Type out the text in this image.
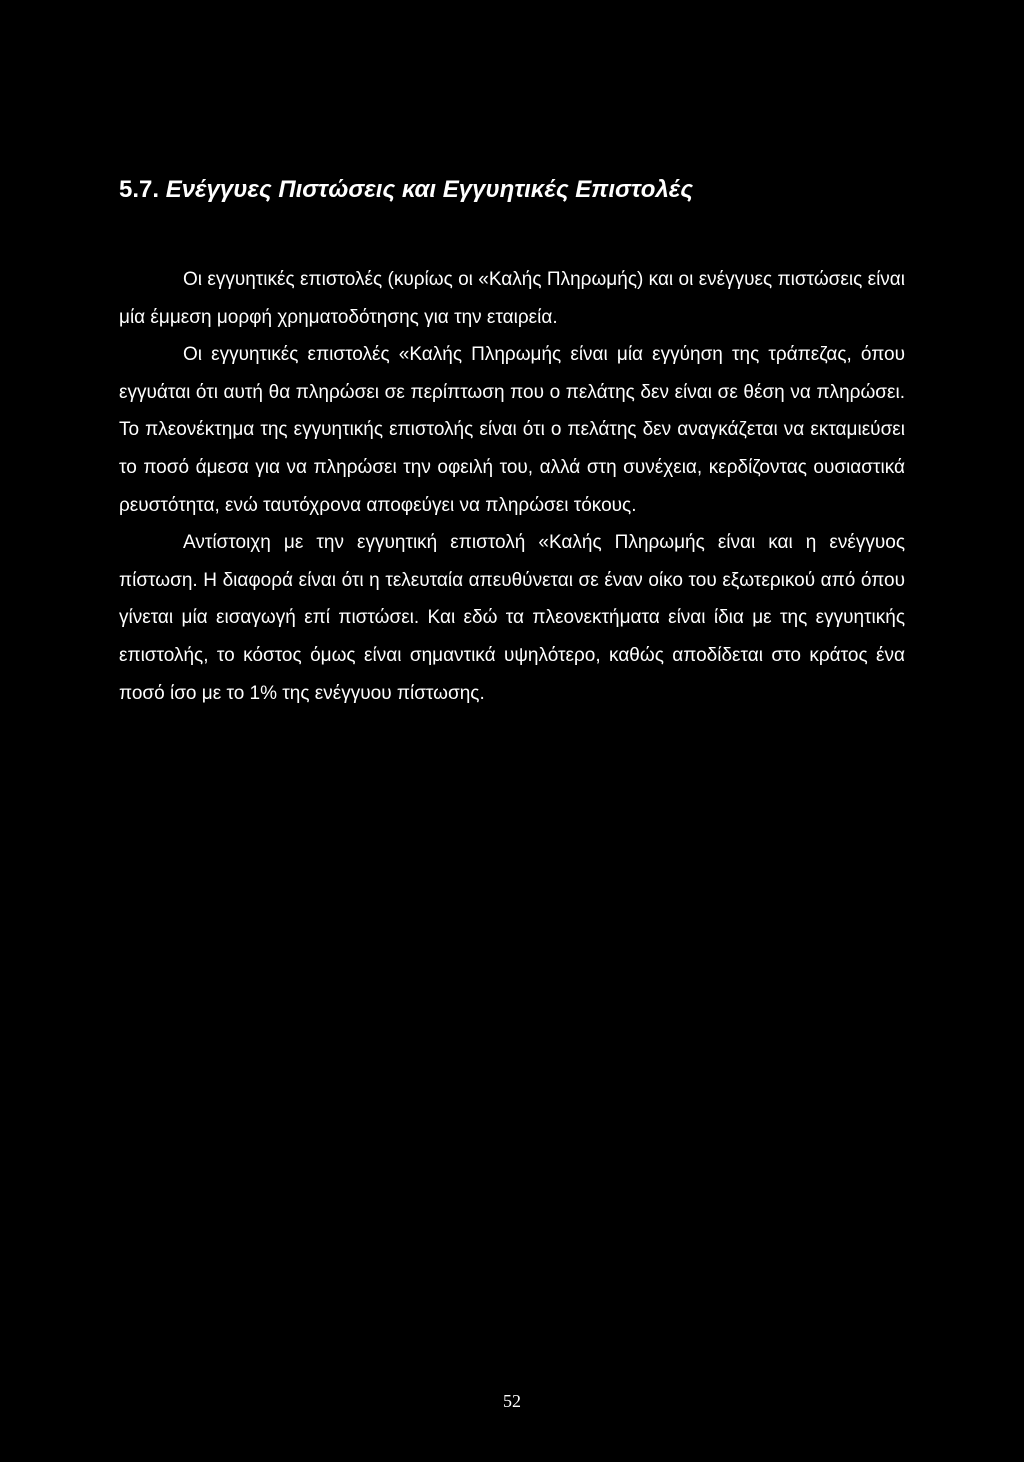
5.7. Ενέγγυες Πιστώσεις και Εγγυητικές Επιστολές

Οι εγγυητικές επιστολές (κυρίως οι «Καλής Πληρωμής) και οι ενέγγυες πιστώσεις είναι μία έμμεση μορφή χρηματοδότησης για την εταιρεία.

Οι εγγυητικές επιστολές «Καλής Πληρωμής είναι μία εγγύηση της τράπεζας, όπου εγγυάται ότι αυτή θα πληρώσει σε περίπτωση που ο πελάτης δεν είναι σε θέση να πληρώσει. Το πλεονέκτημα της εγγυητικής επιστολής είναι ότι ο πελάτης δεν αναγκάζεται να εκταμιεύσει το ποσό άμεσα για να πληρώσει την οφειλή του, αλλά στη συνέχεια, κερδίζοντας ουσιαστικά ρευστότητα, ενώ ταυτόχρονα αποφεύγει να πληρώσει τόκους.

Αντίστοιχη με την εγγυητική επιστολή «Καλής Πληρωμής είναι και η ενέγγυος πίστωση. Η διαφορά είναι ότι η τελευταία απευθύνεται σε έναν οίκο του εξωτερικού από όπου γίνεται μία εισαγωγή επί πιστώσει. Και εδώ τα πλεονεκτήματα είναι ίδια με της εγγυητικής επιστολής, το κόστος όμως είναι σημαντικά υψηλότερο, καθώς αποδίδεται στο κράτος ένα ποσό ίσο με το 1% της ενέγγυου πίστωσης.

52
